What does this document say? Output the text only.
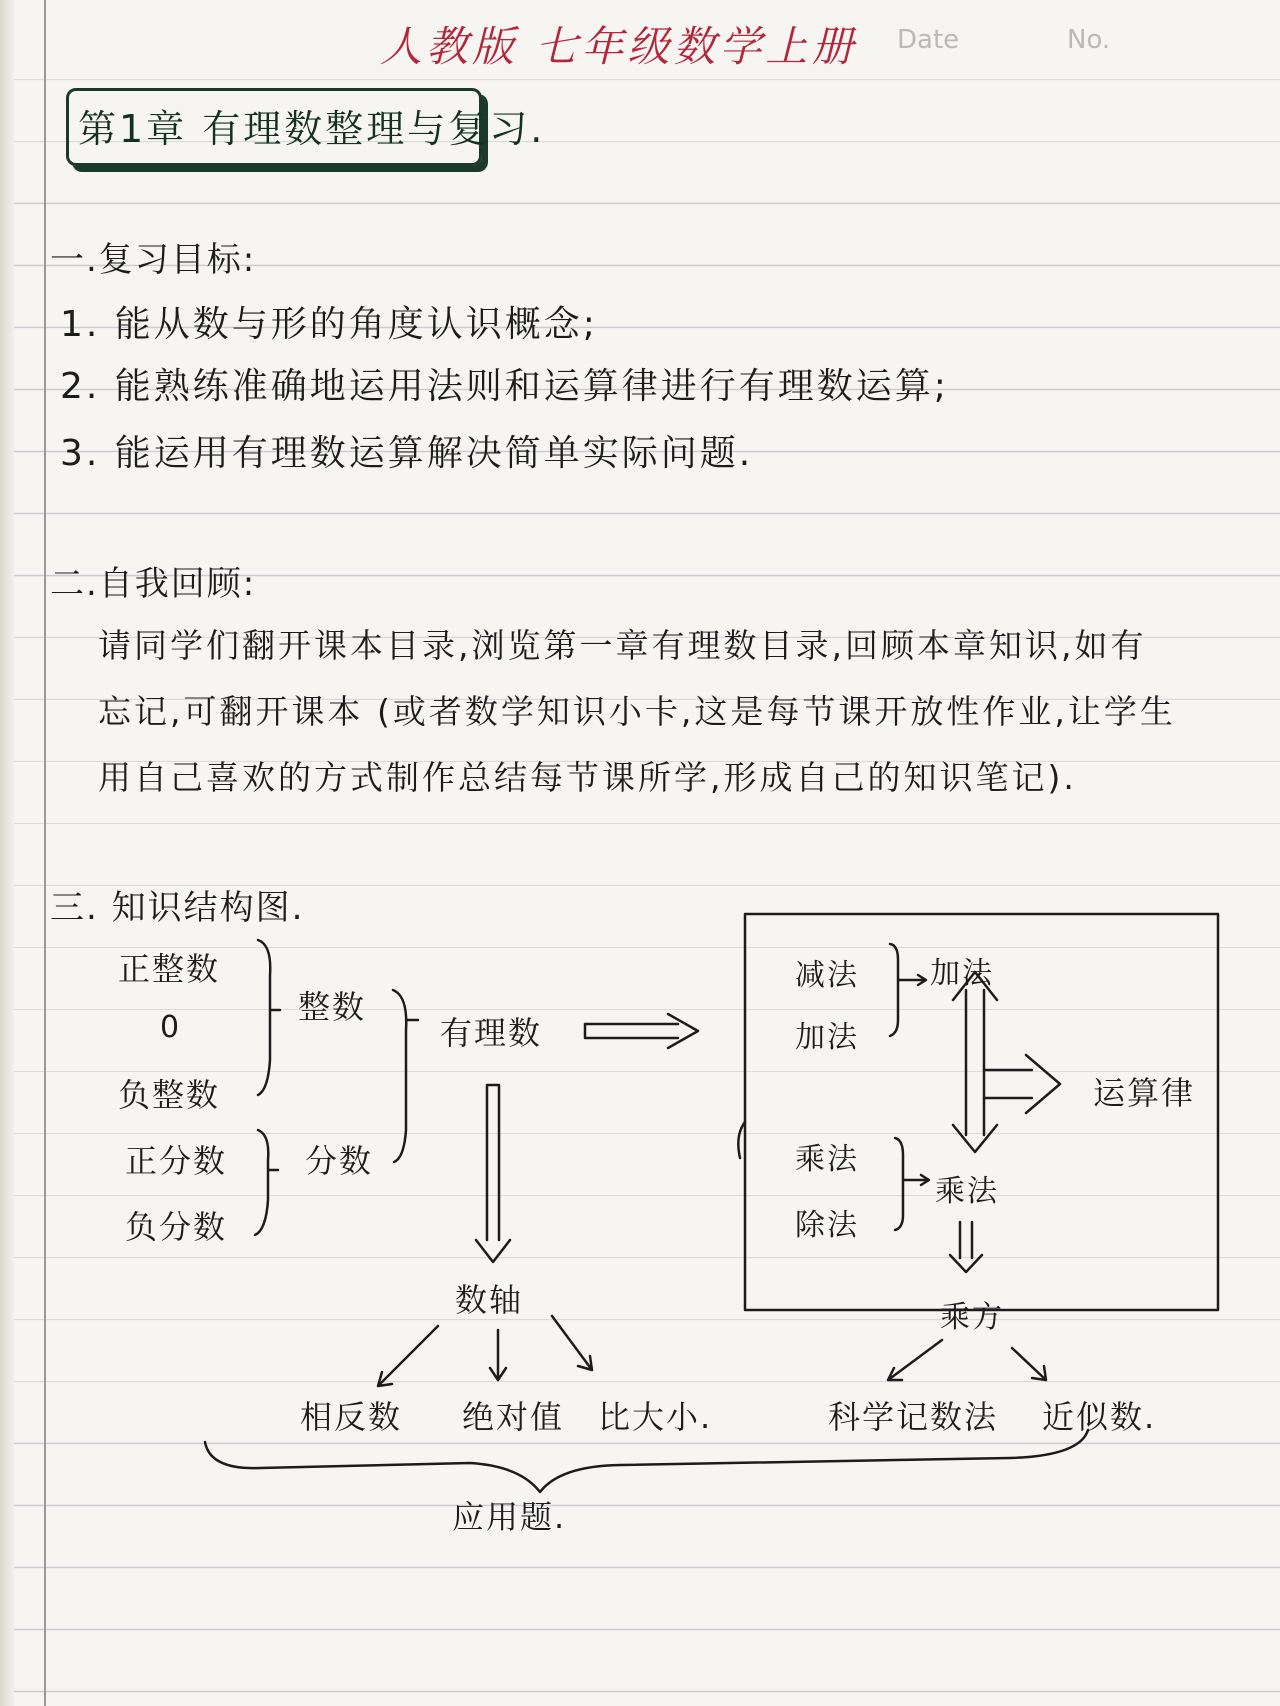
人教版 七年级数学上册 Date	No.
第1章 有理数整理与复习.
一.复习目标:
1. 能从数与形的角度认识概念;
2. 能熟练准确地运用法则和运算律进行有理数运算;
3. 能运用有理数运算解决简单实际问题.
二.自我回顾:
请同学们翻开课本目录,浏览第一章有理数目录,回顾本章知识,如有
忘记,可翻开课本 (或者数学知识小卡,这是每节课开放性作业,让学生
用自己喜欢的方式制作总结每节课所学,形成自己的知识笔记).
三. 知识结构图.
正整数
0
负整数
正分数
负分数
整数
分数
有理数
减法
加法
加法
运算律
乘法
除法
乘法
乘方
数轴
相反数 绝对值 比大小.	科学记数法 近似数.
应用题.
